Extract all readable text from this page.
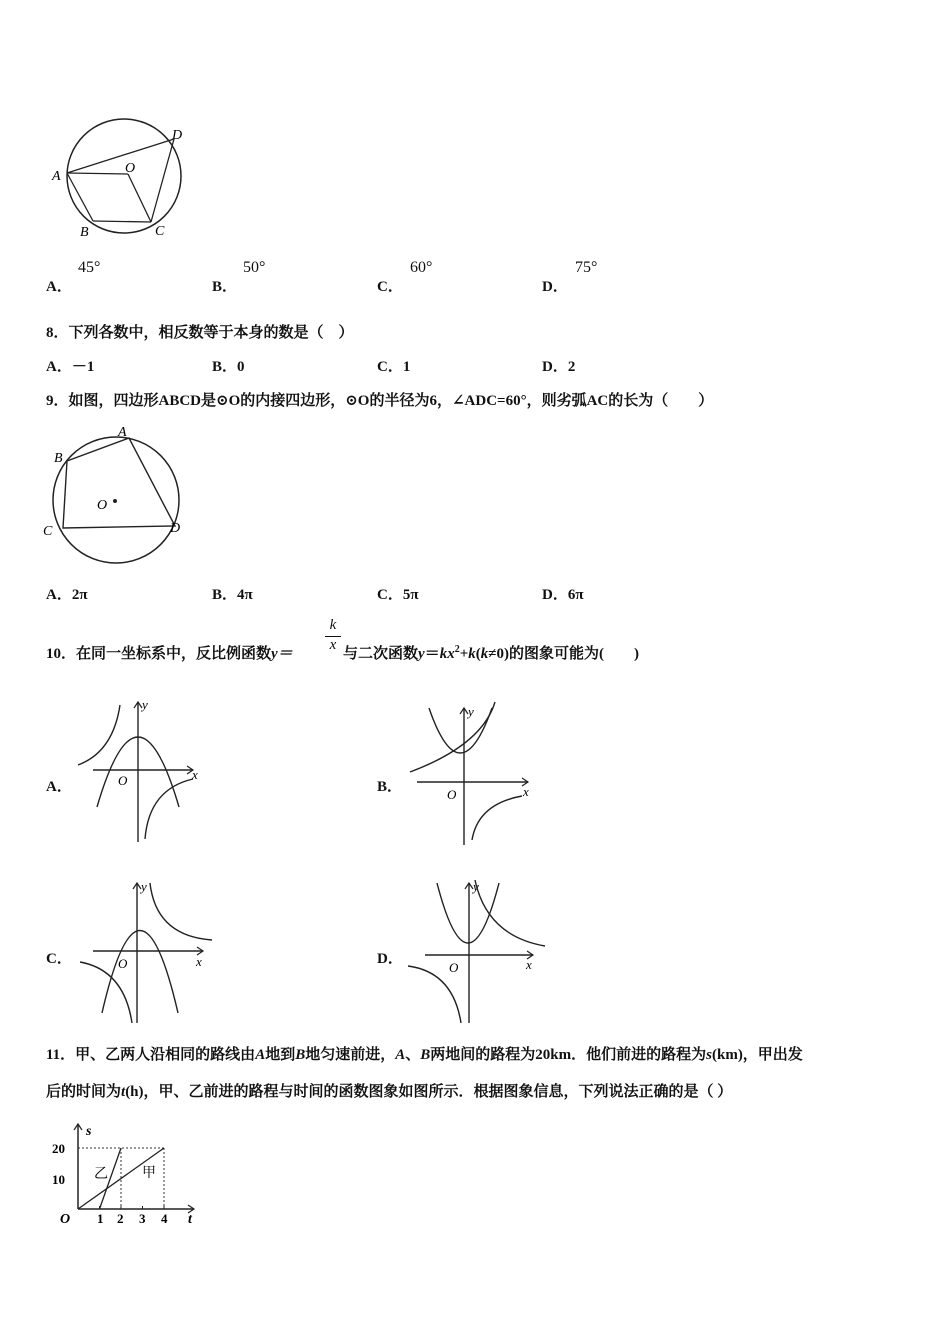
A
B	C
D
O
A．
45°
B．
50°
C．
60°
D．
75°
8．下列各数中，相反数等于本身的数是（　）
A．－1	B．0	C．1	D．2
9．如图，四边形ABCD是⊙O的内接四边形，⊙O的半径为6，∠ADC=60°，则劣弧AC的长为（　　）
A
B
C	D
O
A．2π	B．4π	C．5π	D．6π
10．在同一坐标系中，反比例函数y＝
k
x
与二次函数$y=kx^2+k(k\ne 0)$的图象可能为(　　)
A．
x
y
O	B．	x
y
O
C．	x
y
O	D．	x
y
O
11．甲、乙两人沿相同的路线由A地到B地匀速前进，A、B两地间的路程为20km．他们前进的路程为s(km)，甲出发
后的时间为t(h)，甲、乙前进的路程与时间的函数图象如图所示．根据图象信息，下列说法正确的是（ ）
s
t
O
20
10
1 2 3 4
乙 甲
